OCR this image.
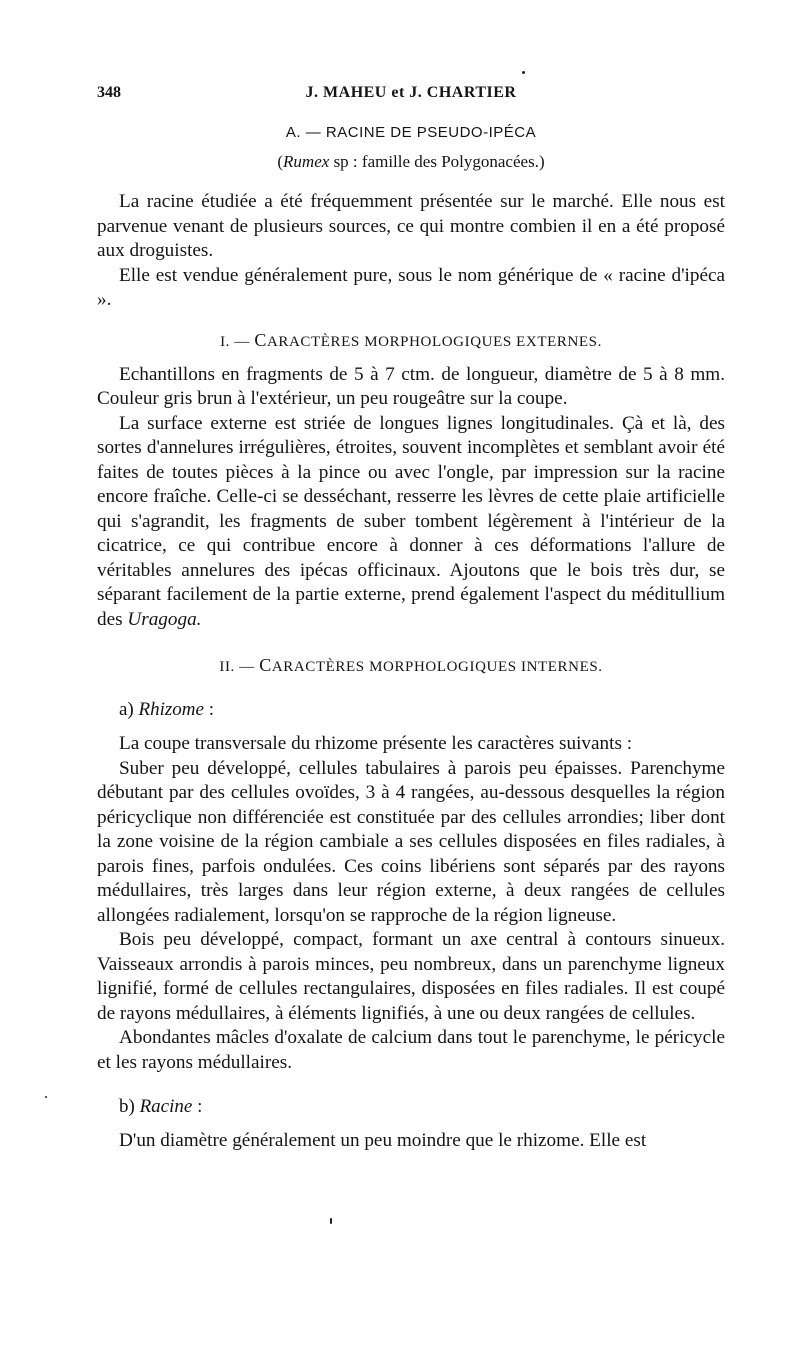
348	J. MAHEU et J. CHARTIER
A. — RACINE DE PSEUDO-IPÉCA
(Rumex sp : famille des Polygonacées.)

La racine étudiée a été fréquemment présentée sur le marché. Elle nous est parvenue venant de plusieurs sources, ce qui montre combien il en a été proposé aux droguistes.

Elle est vendue généralement pure, sous le nom générique de « racine d'ipéca ».

I. — CARACTÈRES MORPHOLOGIQUES EXTERNES.

Echantillons en fragments de 5 à 7 ctm. de longueur, diamètre de 5 à 8 mm. Couleur gris brun à l'extérieur, un peu rougeâtre sur la coupe.

La surface externe est striée de longues lignes longitudinales. Çà et là, des sortes d'annelures irrégulières, étroites, souvent incomplètes et semblant avoir été faites de toutes pièces à la pince ou avec l'ongle, par impression sur la racine encore fraîche. Celle-ci se desséchant, resserre les lèvres de cette plaie artificielle qui s'agrandit, les fragments de suber tombent légèrement à l'intérieur de la cicatrice, ce qui contribue encore à donner à ces déformations l'allure de véritables annelures des ipécas officinaux. Ajoutons que le bois très dur, se séparant facilement de la partie externe, prend également l'aspect du méditullium des Uragoga.

II. — CARACTÈRES MORPHOLOGIQUES INTERNES.
a) Rhizome :

La coupe transversale du rhizome présente les caractères suivants :

Suber peu développé, cellules tabulaires à parois peu épaisses. Parenchyme débutant par des cellules ovoïdes, 3 à 4 rangées, au-dessous desquelles la région péricyclique non différenciée est constituée par des cellules arrondies; liber dont la zone voisine de la région cambiale a ses cellules disposées en files radiales, à parois fines, parfois ondulées. Ces coins libériens sont séparés par des rayons médullaires, très larges dans leur région externe, à deux rangées de cellules allongées radialement, lorsqu'on se rapproche de la région ligneuse.

Bois peu développé, compact, formant un axe central à contours sinueux. Vaisseaux arrondis à parois minces, peu nombreux, dans un parenchyme ligneux lignifié, formé de cellules rectangulaires, disposées en files radiales. Il est coupé de rayons médullaires, à éléments lignifiés, à une ou deux rangées de cellules.

Abondantes mâcles d'oxalate de calcium dans tout le parenchyme, le péricycle et les rayons médullaires.

b) Racine :

D'un diamètre généralement un peu moindre que le rhizome. Elle est
